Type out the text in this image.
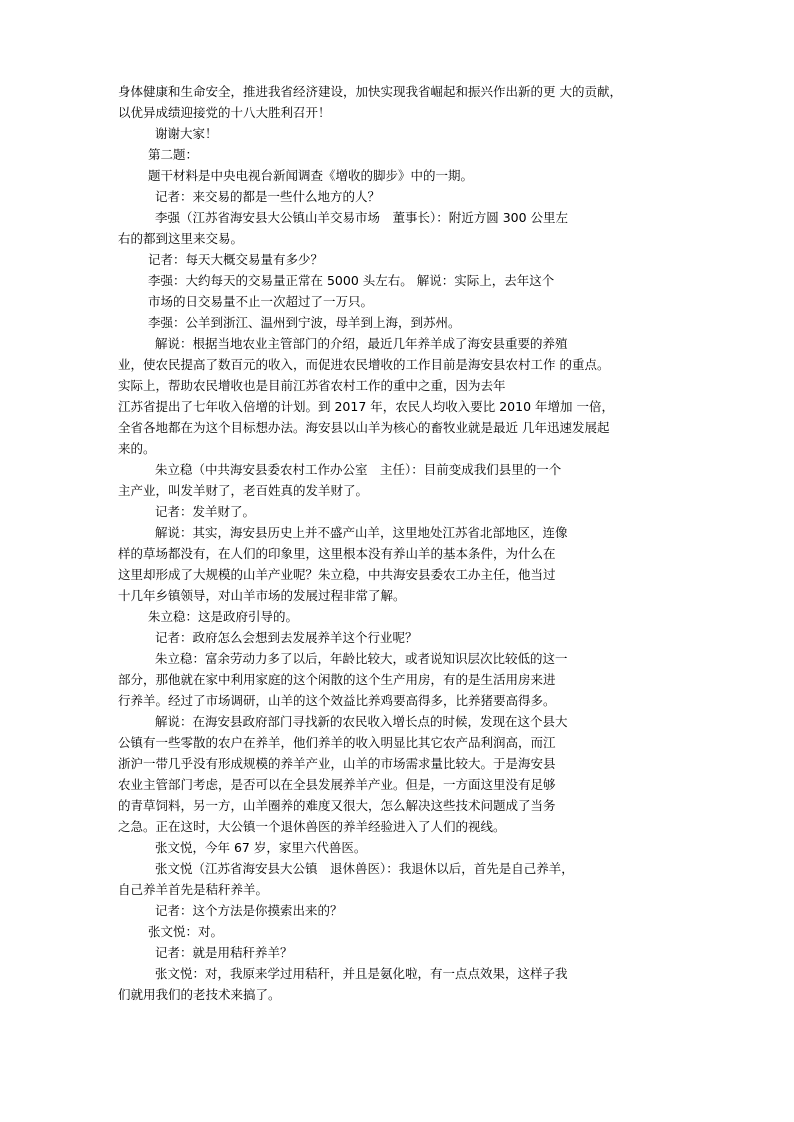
身体健康和生命安全，推进我省经济建设，加快实现我省崛起和振兴作出新的更 大的贡献，

以优异成绩迎接党的十八大胜利召开！

谢谢大家！

第二题：

题干材料是中央电视台新闻调查《增收的脚步》中的一期。

记者：来交易的都是一些什么地方的人？

李强（江苏省海安县大公镇山羊交易市场　董事长）：附近方圆 300 公里左

右的都到这里来交易。

记者：每天大概交易量有多少？

李强：大约每天的交易量正常在 5000 头左右。 解说：实际上，去年这个

市场的日交易量不止一次超过了一万只。

李强：公羊到浙江、温州到宁波，母羊到上海，到苏州。

解说：根据当地农业主管部门的介绍，最近几年养羊成了海安县重要的养殖

业，使农民提高了数百元的收入，而促进农民增收的工作目前是海安县农村工作 的重点。

实际上，帮助农民增收也是目前江苏省农村工作的重中之重，因为去年

江苏省提出了七年收入倍增的计划。到 2017 年，农民人均收入要比 2010 年增加 一倍，

全省各地都在为这个目标想办法。海安县以山羊为核心的畜牧业就是最近 几年迅速发展起

来的。

朱立稳（中共海安县委农村工作办公室　主任）：目前变成我们县里的一个

主产业，叫发羊财了，老百姓真的发羊财了。

记者：发羊财了。

解说：其实，海安县历史上并不盛产山羊，这里地处江苏省北部地区，连像

样的草场都没有，在人们的印象里，这里根本没有养山羊的基本条件，为什么在

这里却形成了大规模的山羊产业呢？朱立稳，中共海安县委农工办主任，他当过

十几年乡镇领导，对山羊市场的发展过程非常了解。

朱立稳：这是政府引导的。

记者：政府怎么会想到去发展养羊这个行业呢？

朱立稳：富余劳动力多了以后，年龄比较大，或者说知识层次比较低的这一

部分，那他就在家中利用家庭的这个闲散的这个生产用房，有的是生活用房来进

行养羊。经过了市场调研，山羊的这个效益比养鸡要高得多，比养猪要高得多。

解说：在海安县政府部门寻找新的农民收入增长点的时候，发现在这个县大

公镇有一些零散的农户在养羊，他们养羊的收入明显比其它农产品利润高，而江

浙沪一带几乎没有形成规模的养羊产业，山羊的市场需求量比较大。于是海安县

农业主管部门考虑，是否可以在全县发展养羊产业。但是，一方面这里没有足够

的青草饲料，另一方，山羊圈养的难度又很大，怎么解决这些技术问题成了当务

之急。正在这时，大公镇一个退休兽医的养羊经验进入了人们的视线。

张文悦，今年 67 岁，家里六代兽医。

张文悦（江苏省海安县大公镇　退休兽医）：我退休以后，首先是自己养羊，

自己养羊首先是秸秆养羊。

记者：这个方法是你摸索出来的？

张文悦：对。

记者：就是用秸秆养羊？

张文悦：对，我原来学过用秸秆，并且是氨化啦，有一点点效果，这样子我

们就用我们的老技术来搞了。
